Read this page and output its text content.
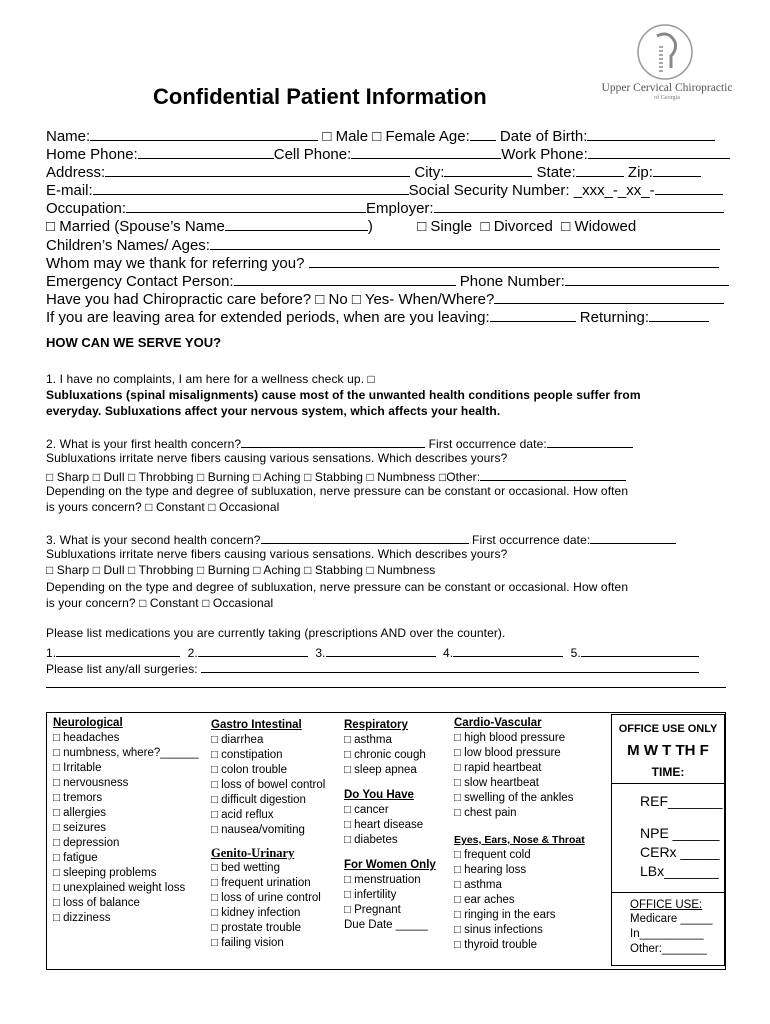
Upper Cervical Chiropractic
of Georgia
Confidential Patient Information
Name:	□ Male □ Female Age: Date of Birth:
Home Phone:	Cell Phone:	Work Phone:
Address:	City:	State:	Zip:
E-mail:	Social Security Number: _xxx_-_xx_-
Occupation:	Employer:
□ Married (Spouse’s Name	)	□ Single □ Divorced □ Widowed
Children’s Names/ Ages:
Whom may we thank for referring you?
Emergency Contact Person:	Phone Number:
Have you had Chiropractic care before? □ No □ Yes- When/Where?
If you are leaving area for extended periods, when are you leaving:	Returning:
HOW CAN WE SERVE YOU?
1. I have no complaints, I am here for a wellness check up. □
Subluxations (spinal misalignments) cause most of the unwanted health conditions people suffer from
everyday. Subluxations affect your nervous system, which affects your health.
2. What is your first health concern?	First occurrence date:
Subluxations irritate nerve fibers causing various sensations. Which describes yours?
□ Sharp □ Dull □ Throbbing □ Burning □ Aching □ Stabbing □ Numbness □Other:
Depending on the type and degree of subluxation, nerve pressure can be constant or occasional. How often
is yours concern? □ Constant □ Occasional
3. What is your second health concern?	First occurrence date:
Subluxations irritate nerve fibers causing various sensations. Which describes yours?
□ Sharp □ Dull □ Throbbing □ Burning □ Aching □ Stabbing □ Numbness
Depending on the type and degree of subluxation, nerve pressure can be constant or occasional. How often
is your concern? □ Constant □ Occasional
Please list medications you are currently taking (prescriptions AND over the counter).
1.	2.	3.	4.	5.
Please list any/all surgeries:
Neurological
□ headaches
□ numbness, where?______
□ Irritable
□ nervousness
□ tremors
□ allergies
□ seizures
□ depression
□ fatigue
□ sleeping problems
□ unexplained weight loss
□ loss of balance
□ dizziness
Gastro Intestinal
□ diarrhea
□ constipation
□ colon trouble
□ loss of bowel control
□ difficult digestion
□ acid reflux
□ nausea/vomiting
Genito-Urinary
□ bed wetting
□ frequent urination
□ loss of urine control
□ kidney infection
□ prostate trouble
□ failing vision
Respiratory
□ asthma
□ chronic cough
□ sleep apnea
Do You Have
□ cancer
□ heart disease
□ diabetes
For Women Only
□ menstruation
□ infertility
□ Pregnant
Due Date _____
Cardio-Vascular
□ high blood pressure
□ low blood pressure
□ rapid heartbeat
□ slow heartbeat
□ swelling of the ankles
□ chest pain
Eyes, Ears, Nose & Throat
□ frequent cold
□ hearing loss
□ asthma
□ ear aches
□ ringing in the ears
□ sinus infections
□ thyroid trouble
OFFICE USE ONLY
M W T TH F
TIME:
REF_______
NPE ______
CERx _____
LBx_______
OFFICE USE:
Medicare _____
In__________
Other:_______
